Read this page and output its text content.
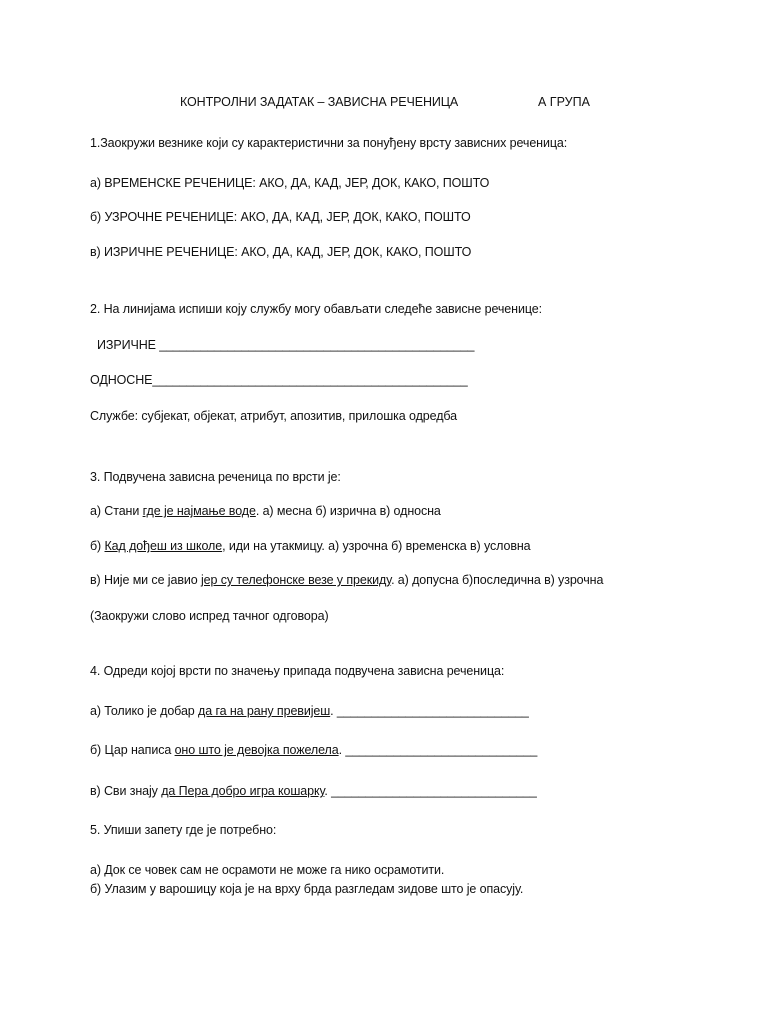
КОНТРОЛНИ ЗАДАТАК – ЗАВИСНА РЕЧЕНИЦА	А ГРУПА
1.Заокружи везнике који су карактеристични за понуђену врсту зависних реченица:
а) ВРЕМЕНСКЕ РЕЧЕНИЦЕ: АКО, ДА, КАД, ЈЕР, ДОК, КАКО, ПОШТО
б) УЗРОЧНЕ РЕЧЕНИЦЕ: АКО, ДА, КАД, ЈЕР, ДОК, КАКО, ПОШТО
в) ИЗРИЧНЕ РЕЧЕНИЦЕ: АКО, ДА, КАД, ЈЕР, ДОК, КАКО, ПОШТО
2. На линијама испиши коју службу могу обављати следеће зависне реченице:
ИЗРИЧНЕ ______________________________________________
ОДНОСНЕ______________________________________________
Службе: субјекат, објекат, атрибут, апозитив, прилошка одредба
3. Подвучена зависна реченица по врсти је:
а) Стани где је најмање воде. а) месна б) изрична в) односна
б) Кад дођеш из школе, иди на утакмицу. а) узрочна б) временска в) условна
в) Није ми се јавио јер су телефонске везе у прекиду. а) допусна б)последична в) узрочна
(Заокружи слово испред тачног одговора)
4. Одреди којој врсти по значењу припада подвучена зависна реченица:
а) Толико је добар да га на рану превијеш. ____________________________
б) Цар написа оно што је девојка пожелела. ____________________________
в) Сви знају да Пера добро игра кошарку. ______________________________
5. Упиши запету где је потребно:
а) Док се човек сам не осрамоти не може га нико осрамотити.
б) Улазим у варошицу која је на врху брда разгледам зидове што је опасују.
